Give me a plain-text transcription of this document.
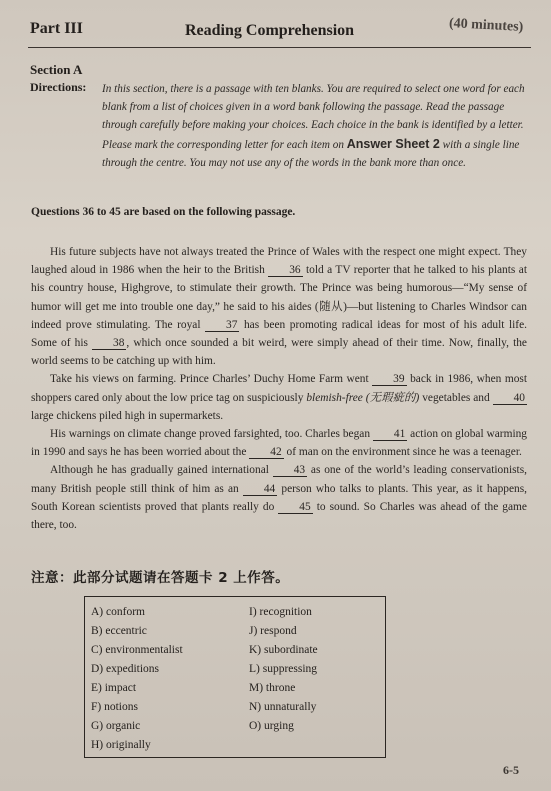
Part III	Reading Comprehension	(40 minutes)
Section A
Directions: In this section, there is a passage with ten blanks. You are required to select one word for each blank from a list of choices given in a word bank following the passage. Read the passage through carefully before making your choices. Each choice in the bank is identified by a letter. Please mark the corresponding letter for each item on Answer Sheet 2 with a single line through the centre. You may not use any of the words in the bank more than once.
Questions 36 to 45 are based on the following passage.

His future subjects have not always treated the Prince of Wales with the respect one might expect. They laughed aloud in 1986 when the heir to the British 36 told a TV reporter that he talked to his plants at his country house, Highgrove, to stimulate their growth. The Prince was being humorous—“My sense of humor will get me into trouble one day,” he said to his aides (随从)—but listening to Charles Windsor can indeed prove stimulating. The royal 37 has been promoting radical ideas for most of his adult life. Some of his 38 , which once sounded a bit weird, were simply ahead of their time. Now, finally, the world seems to be catching up with him.

Take his views on farming. Prince Charles’ Duchy Home Farm went 39 back in 1986, when most shoppers cared only about the low price tag on suspiciously blemish-free (无瑕疵的) vegetables and 40 large chickens piled high in supermarkets.

His warnings on climate change proved farsighted, too. Charles began 41 action on global warming in 1990 and says he has been worried about the 42 of man on the environment since he was a teenager.

Although he has gradually gained international 43 as one of the world’s leading conservationists, many British people still think of him as an 44 person who talks to plants. This year, as it happens, South Korean scientists proved that plants really do 45 to sound. So Charles was ahead of the game there, too.

注意：此部分试题请在答题卡 2 上作答。
A) conform
B) eccentric
C) environmentalist
D) expeditions
E) impact
F) notions
G) organic
H) originally
I) recognition
J) respond
K) subordinate
L) suppressing
M) throne
N) unnaturally
O) urging
6-5
